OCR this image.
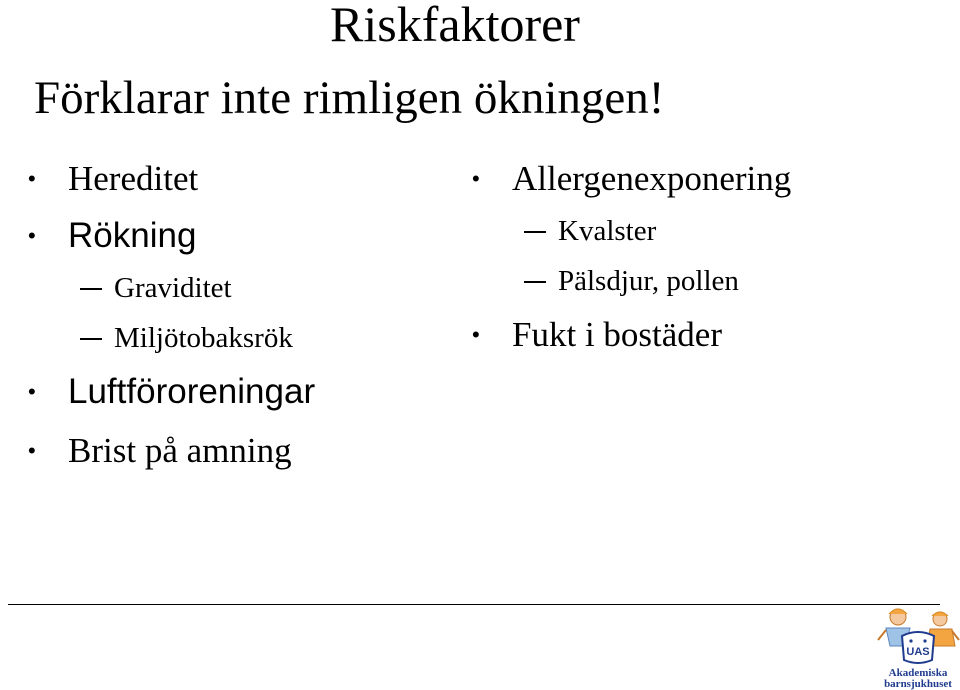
Riskfaktorer
Förklarar inte rimligen ökningen!
• Hereditet
• Rökning
Graviditet
Miljötobaksrök
• Luftföroreningar
• Brist på amning
• Allergenexponering
Kvalster
Pälsdjur, pollen
• Fukt i bostäder
UAS
Akademiska
barnsjukhuset
